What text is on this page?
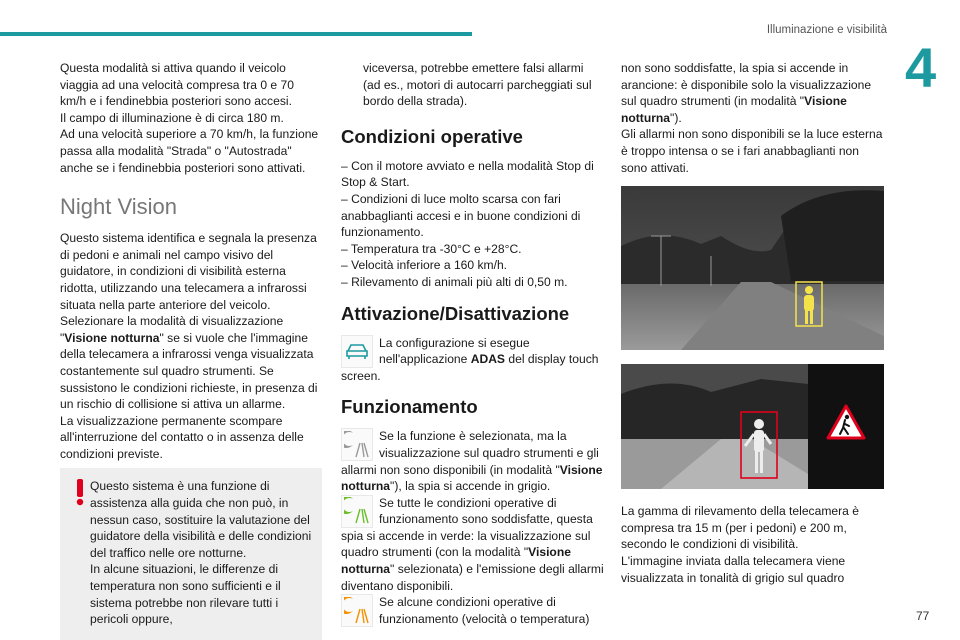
Illuminazione e visibilità
4
77

Questa modalità si attiva quando il veicolo viaggia ad una velocità compresa tra 0 e 70 km/h e i fendinebbia posteriori sono accesi.

Il campo di illuminazione è di circa 180 m.

Ad una velocità superiore a 70 km/h, la funzione passa alla modalità "Strada" o "Autostrada" anche se i fendinebbia posteriori sono attivati.

Night Vision

Questo sistema identifica e segnala la presenza di pedoni e animali nel campo visivo del guidatore, in condizioni di visibilità esterna ridotta, utilizzando una telecamera a infrarossi situata nella parte anteriore del veicolo.

Selezionare la modalità di visualizzazione "Visione notturna" se si vuole che l'immagine della telecamera a infrarossi venga visualizzata costantemente sul quadro strumenti. Se sussistono le condizioni richieste, in presenza di un rischio di collisione si attiva un allarme.

La visualizzazione permanente scompare all'interruzione del contatto o in assenza delle condizioni previste.

Questo sistema è una funzione di assistenza alla guida che non può, in nessun caso, sostituire la valutazione del guidatore della visibilità e delle condizioni del traffico nelle ore notturne.

In alcune situazioni, le differenze di temperatura non sono sufficienti e il sistema potrebbe non rilevare tutti i pericoli oppure,

viceversa, potrebbe emettere falsi allarmi (ad es., motori di autocarri parcheggiati sul bordo della strada).

Condizioni operative

– Con il motore avviato e nella modalità Stop di Stop & Start.

– Condizioni di luce molto scarsa con fari anabbaglianti accesi e in buone condizioni di funzionamento.

– Temperatura tra -30°C e +28°C.

– Velocità inferiore a 160 km/h.

– Rilevamento di animali più alti di 0,50 m.

Attivazione/Disattivazione

La configurazione si esegue nell'applicazione ADAS del display touch screen.

Funzionamento

Se la funzione è selezionata, ma la visualizzazione sul quadro strumenti e gli allarmi non sono disponibili (in modalità "Visione notturna"), la spia si accende in grigio.

Se tutte le condizioni operative di funzionamento sono soddisfatte, questa spia si accende in verde: la visualizzazione sul quadro strumenti (con la modalità "Visione notturna" selezionata) e l'emissione degli allarmi diventano disponibili.

Se alcune condizioni operative di funzionamento (velocità o temperatura)

non sono soddisfatte, la spia si accende in arancione: è disponibile solo la visualizzazione sul quadro strumenti (in modalità "Visione notturna").

Gli allarmi non sono disponibili se la luce esterna è troppo intensa o se i fari anabbaglianti non sono attivati.

La gamma di rilevamento della telecamera è compresa tra 15 m (per i pedoni) e 200 m, secondo le condizioni di visibilità.

L'immagine inviata dalla telecamera viene visualizzata in tonalità di grigio sul quadro
